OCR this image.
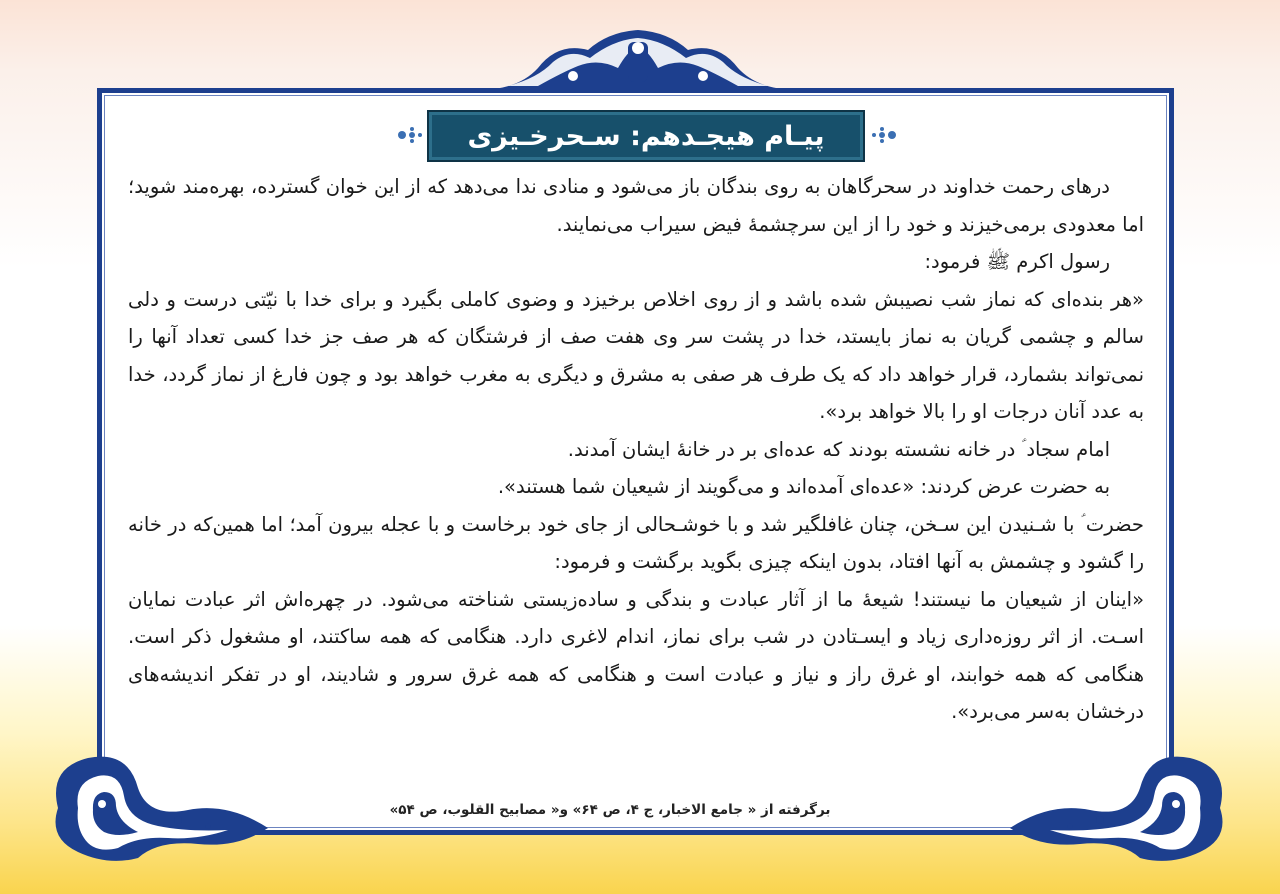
پیـام هیجـدهم: سـحرخـیزی

درهای رحمت خداوند در سحرگاهان به روی بندگان باز می‌شود و منادی ندا می‌دهد که از این خوان گسترده، بهره‌مند شوید؛ اما معدودی برمی‌خیزند و خود را از این سرچشمهٔ فیض سیراب می‌نمایند.

رسول اکرم ﷺ فرمود:

«هر بنده‌ای که نماز شب نصیبش شده باشد و از روی اخلاص برخیزد و وضوی کاملی بگیرد و برای خدا با نیّتی درست و دلی سالم و چشمی گریان به نماز بایستد، خدا در پشت سر وی هفت صف از فرشتگان که هر صف جز خدا کسی تعداد آنها را نمی‌تواند بشمارد، قرار خواهد داد که یک طرف هر صفی به مشرق و دیگری به مغرب خواهد بود و چون فارغ از نماز گردد، خدا به عدد آنان درجات او را بالا خواهد برد».

امام سجاد ؑ در خانه نشسته بودند که عده‌ای بر در خانهٔ ایشان آمدند.

به حضرت عرض کردند: «عده‌ای آمده‌اند و می‌گویند از شیعیان شما هستند».

حضرت ؑ با شـنیدن این سـخن، چنان غافلگیر شد و با خوشـحالی از جای خود برخاست و با عجله بیرون آمد؛ اما همین‌که در خانه را گشود و چشمش به آنها افتاد، بدون اینکه چیزی بگوید برگشت و فرمود:

«اینان از شیعیان ما نیستند! شیعهٔ ما از آثار عبادت و بندگی و ساده‌زیستی شناخته می‌شود. در چهره‌اش اثر عبادت نمایان اسـت. از اثر روزه‌داری زیاد و ایسـتادن در شب برای نماز، اندام لاغری دارد. هنگامی که همه ساکتند، او مشغول ذکر است. هنگامی که همه خوابند، او غرق راز و نیاز و عبادت است و هنگامی که همه غرق سرور و شادیند، او در تفکر اندیشه‌های درخشان به‌سر می‌برد».

برگرفته از « جامع الاخبار، ج ۴، ص ۶۴» و« مصابیح القلوب، ص ۵۴»
